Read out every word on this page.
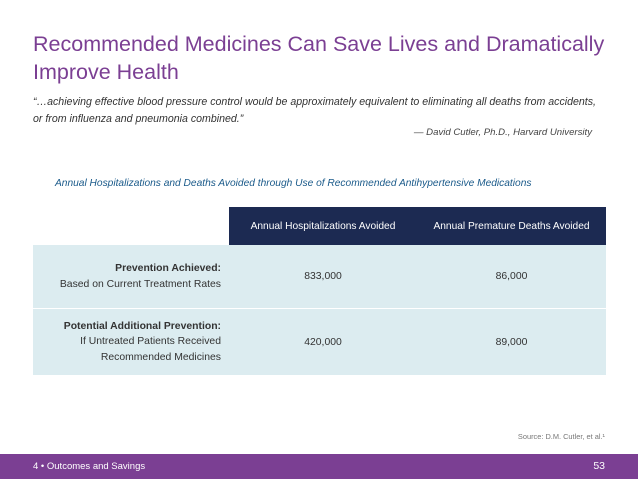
Recommended Medicines Can Save Lives and Dramatically Improve Health
“…achieving effective blood pressure control would be approximately equivalent to eliminating all deaths from accidents, or from influenza and pneumonia combined.”
— David Cutler, Ph.D., Harvard University
Annual Hospitalizations and Deaths Avoided through Use of Recommended Antihypertensive Medications
	Annual Hospitalizations Avoided	Annual Premature Deaths Avoided
Prevention Achieved:
Based on Current Treatment Rates	833,000	86,000
Potential Additional Prevention:
If Untreated Patients Received
Recommended Medicines	420,000	89,000
Source: D.M. Cutler, et al.¹
4 • Outcomes and Savings	53
